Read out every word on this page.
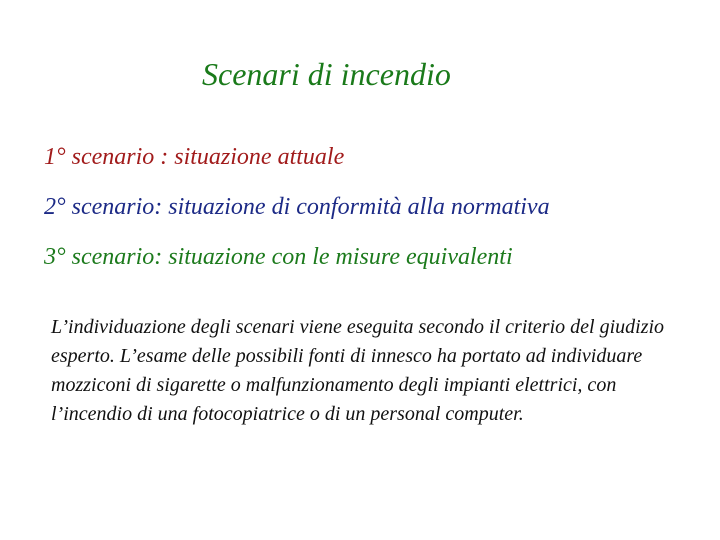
Scenari di incendio
1° scenario : situazione attuale
2° scenario: situazione di conformità alla normativa
3° scenario: situazione con le misure equivalenti
L’individuazione degli scenari viene eseguita secondo il criterio del giudizio esperto. L’esame delle possibili fonti di innesco ha portato ad individuare mozziconi di sigarette o malfunzionamento degli impianti elettrici, con l’incendio di una fotocopiatrice o di un personal computer.
